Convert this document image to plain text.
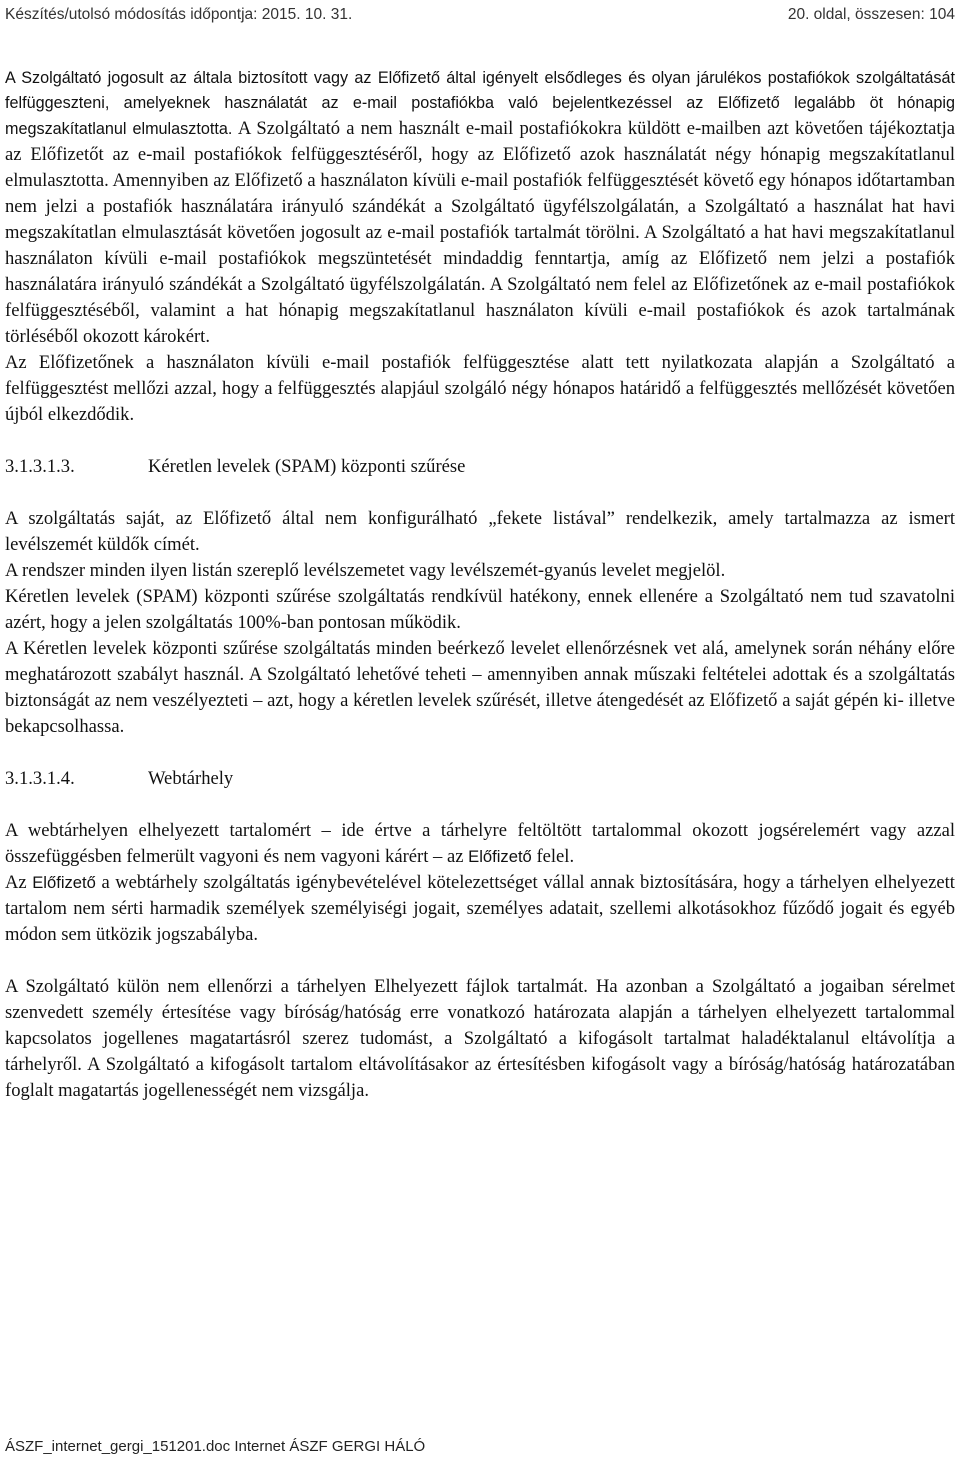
Készítés/utolsó módosítás időpontja: 2015. 10. 31.	20. oldal, összesen: 104

A Szolgáltató jogosult az általa biztosított vagy az Előfizető által igényelt elsődleges és olyan járulékos postafiókok szolgáltatását felfüggeszteni, amelyeknek használatát az e-mail postafiókba való bejelentkezéssel az Előfizető legalább öt hónapig megszakítatlanul elmulasztotta. A Szolgáltató a nem használt e-mail postafiókokra küldött e-mailben azt követően tájékoztatja az Előfizetőt az e-mail postafiókok felfüggesztéséről, hogy az Előfizető azok használatát négy hónapig megszakítatlanul elmulasztotta. Amennyiben az Előfizető a használaton kívüli e-mail postafiók felfüggesztését követő egy hónapos időtartamban nem jelzi a postafiók használatára irányuló szándékát a Szolgáltató ügyfélszolgálatán, a Szolgáltató a használat hat havi megszakítatlan elmulasztását követően jogosult az e-mail postafiók tartalmát törölni. A Szolgáltató a hat havi megszakítatlanul használaton kívüli e-mail postafiókok megszüntetését mindaddig fenntartja, amíg az Előfizető nem jelzi a postafiók használatára irányuló szándékát a Szolgáltató ügyfélszolgálatán. A Szolgáltató nem felel az Előfizetőnek az e-mail postafiókok felfüggesztéséből, valamint a hat hónapig megszakítatlanul használaton kívüli e-mail postafiókok és azok tartalmának törléséből okozott károkért.

Az Előfizetőnek a használaton kívüli e-mail postafiók felfüggesztése alatt tett nyilatkozata alapján a Szolgáltató a felfüggesztést mellőzi azzal, hogy a felfüggesztés alapjául szolgáló négy hónapos határidő a felfüggesztés mellőzését követően újból elkezdődik.

3.1.3.1.3.	Kéretlen levelek (SPAM) központi szűrése

A szolgáltatás saját, az Előfizető által nem konfigurálható „fekete listával” rendelkezik, amely tartalmazza az ismert levélszemét küldők címét.

A rendszer minden ilyen listán szereplő levélszemetet vagy levélszemét-gyanús levelet megjelöl.

Kéretlen levelek (SPAM) központi szűrése szolgáltatás rendkívül hatékony, ennek ellenére a Szolgáltató nem tud szavatolni azért, hogy a jelen szolgáltatás 100%-ban pontosan működik.

A Kéretlen levelek központi szűrése szolgáltatás minden beérkező levelet ellenőrzésnek vet alá, amelynek során néhány előre meghatározott szabályt használ. A Szolgáltató lehetővé teheti – amennyiben annak műszaki feltételei adottak és a szolgáltatás biztonságát az nem veszélyezteti – azt, hogy a kéretlen levelek szűrését, illetve átengedését az Előfizető a saját gépén ki- illetve bekapcsolhassa.

3.1.3.1.4.	Webtárhely

A webtárhelyen elhelyezett tartalomért – ide értve a tárhelyre feltöltött tartalommal okozott jogsérelemért vagy azzal összefüggésben felmerült vagyoni és nem vagyoni kárért – az Előfizető felel.

Az Előfizető a webtárhely szolgáltatás igénybevételével kötelezettséget vállal annak biztosítására, hogy a tárhelyen elhelyezett tartalom nem sérti harmadik személyek személyiségi jogait, személyes adatait, szellemi alkotásokhoz fűződő jogait és egyéb módon sem ütközik jogszabályba.

A Szolgáltató külön nem ellenőrzi a tárhelyen Elhelyezett fájlok tartalmát. Ha azonban a Szolgáltató a jogaiban sérelmet szenvedett személy értesítése vagy bíróság/hatóság erre vonatkozó határozata alapján a tárhelyen elhelyezett tartalommal kapcsolatos jogellenes magatartásról szerez tudomást, a Szolgáltató a kifogásolt tartalmat haladéktalanul eltávolítja a tárhelyről. A Szolgáltató a kifogásolt tartalom eltávolításakor az értesítésben kifogásolt vagy a bíróság/hatóság határozatában foglalt magatartás jogellenességét nem vizsgálja.

ÁSZF_internet_gergi_151201.doc Internet ÁSZF GERGI HÁLÓ
